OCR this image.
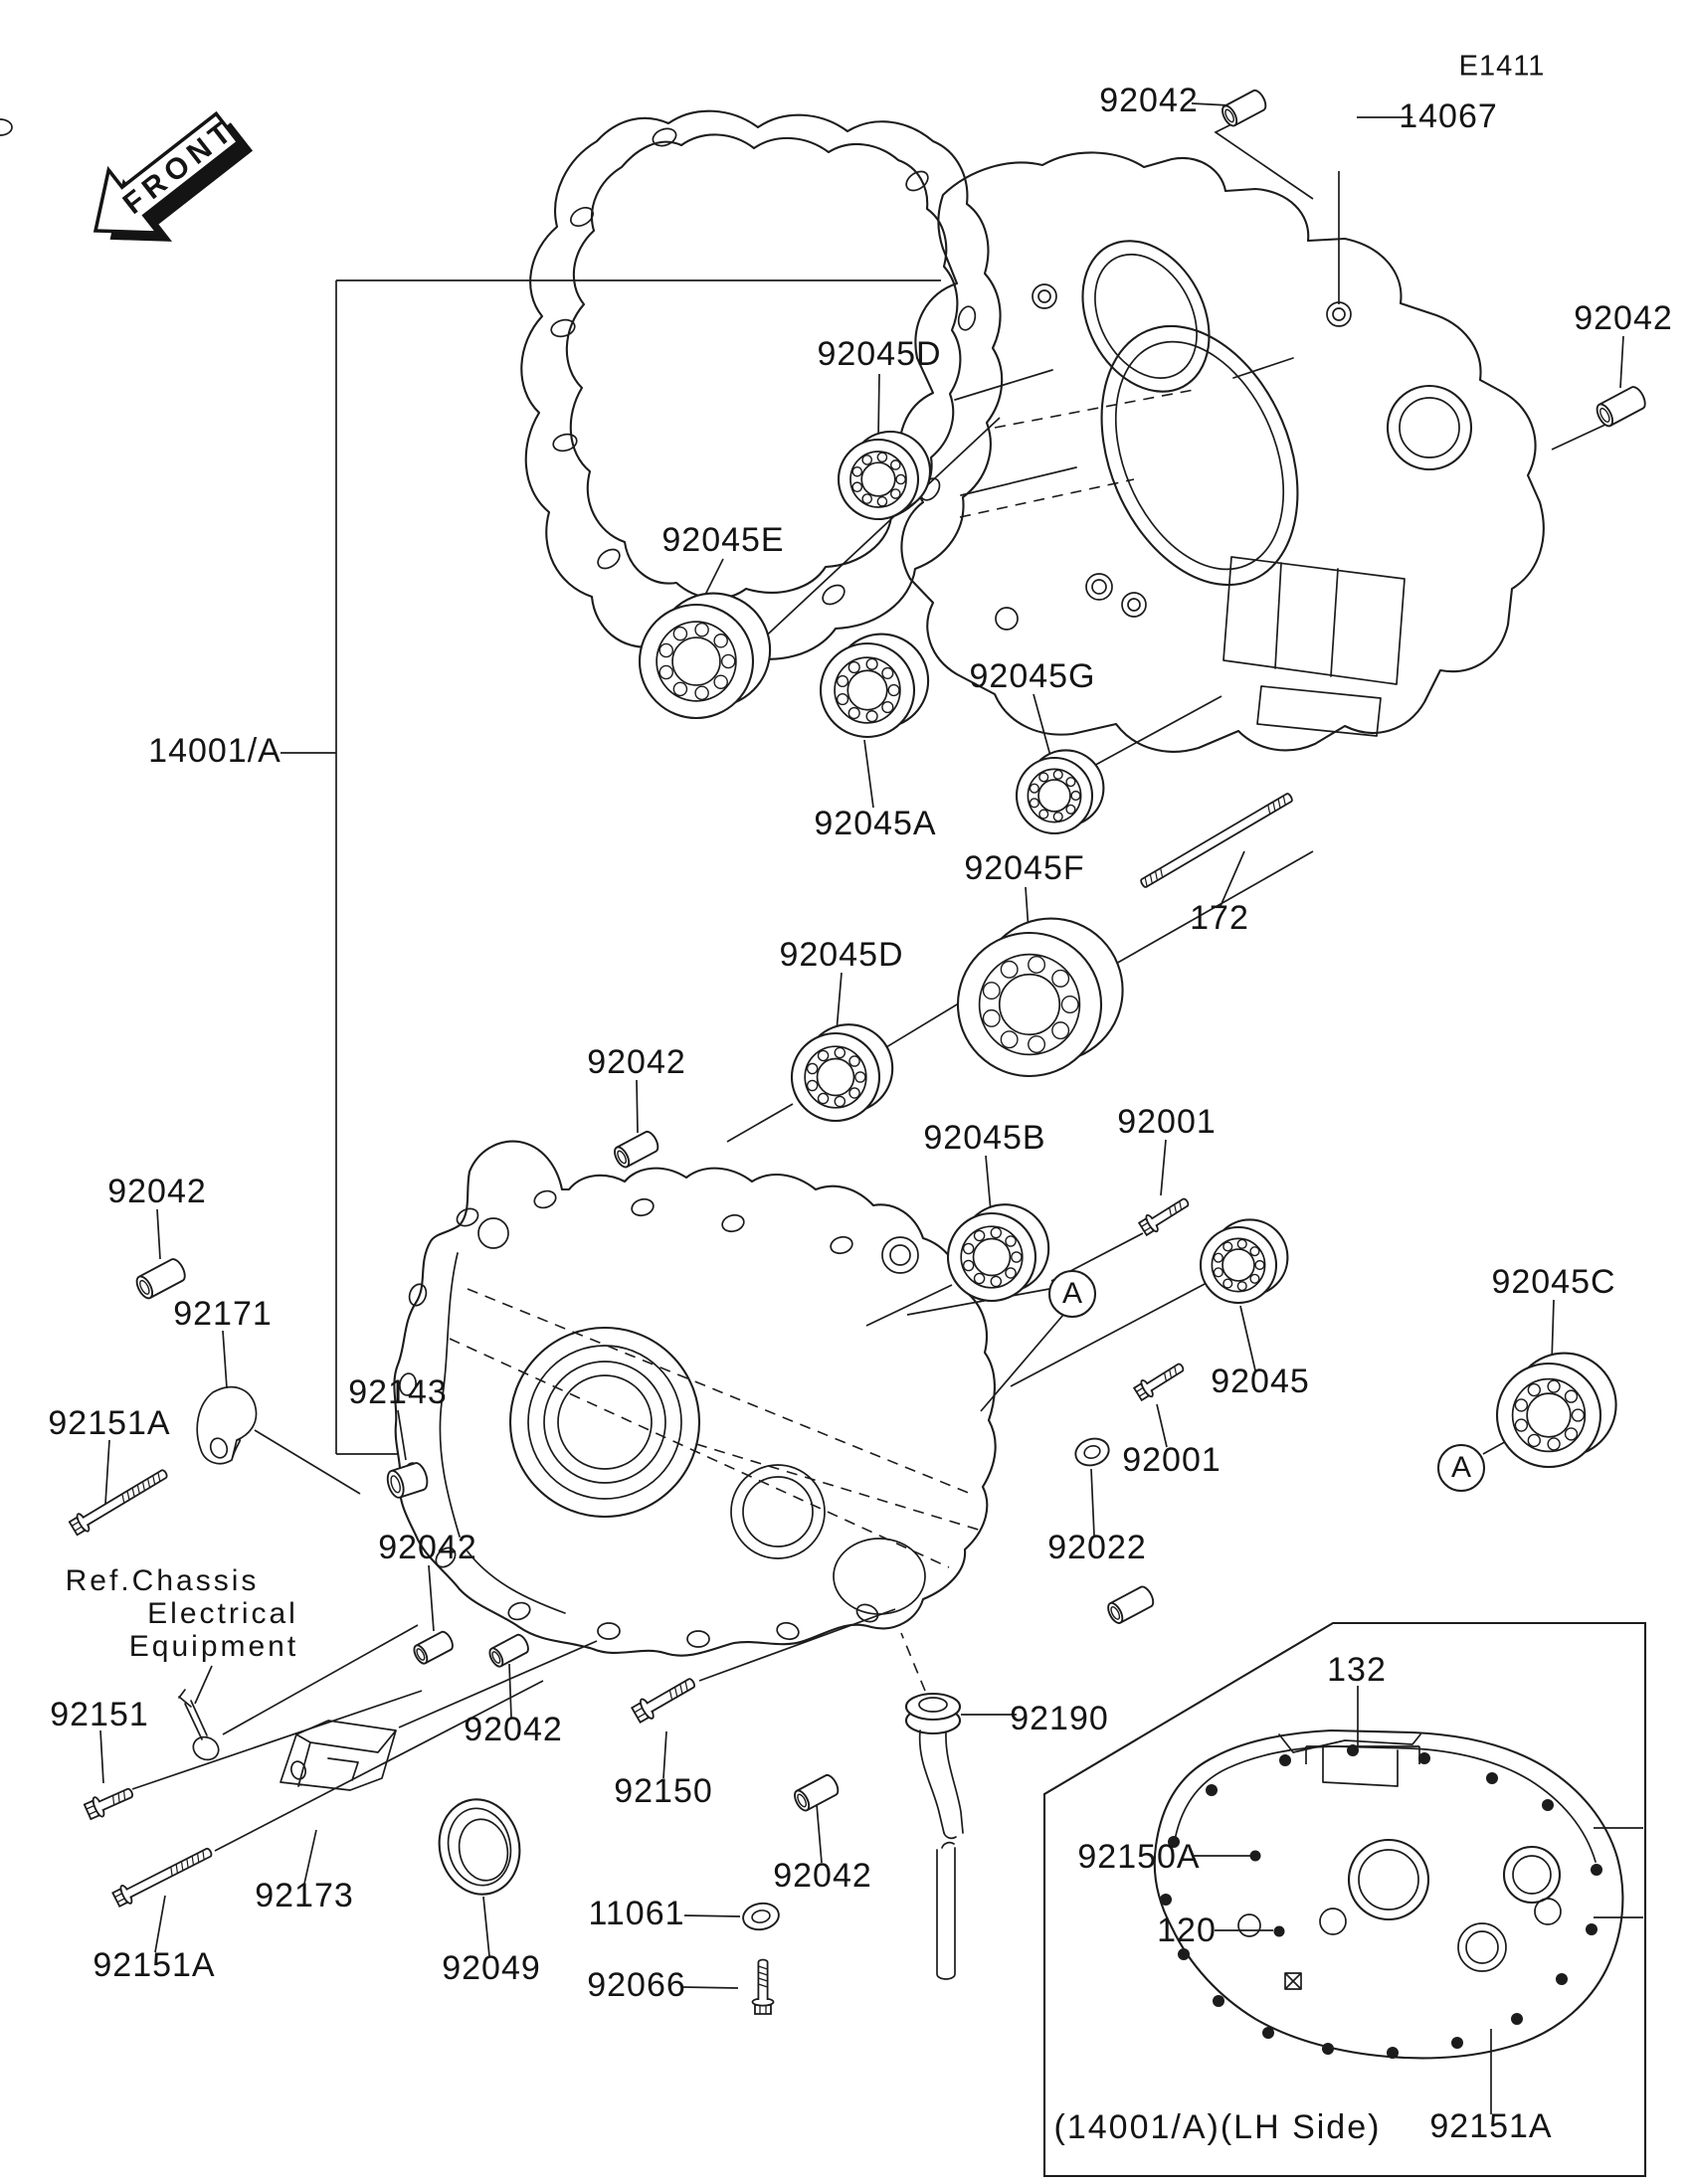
A
A
E1411
92042	14067
92045D
92045E
92042
92045G
92045A
14001/A
172
92045F
92045D
92042
92045B 92001
92042
92171
92143
92151A
92045C
92045
92001
92022
Ref.Chassis
Electrical
Equipment
92151
92042
92042
92150
92190
92042
92173	11061
92049 92066
132
92150A
120
(14001/A)(LH Side) 92151A
92151A
FRONT
